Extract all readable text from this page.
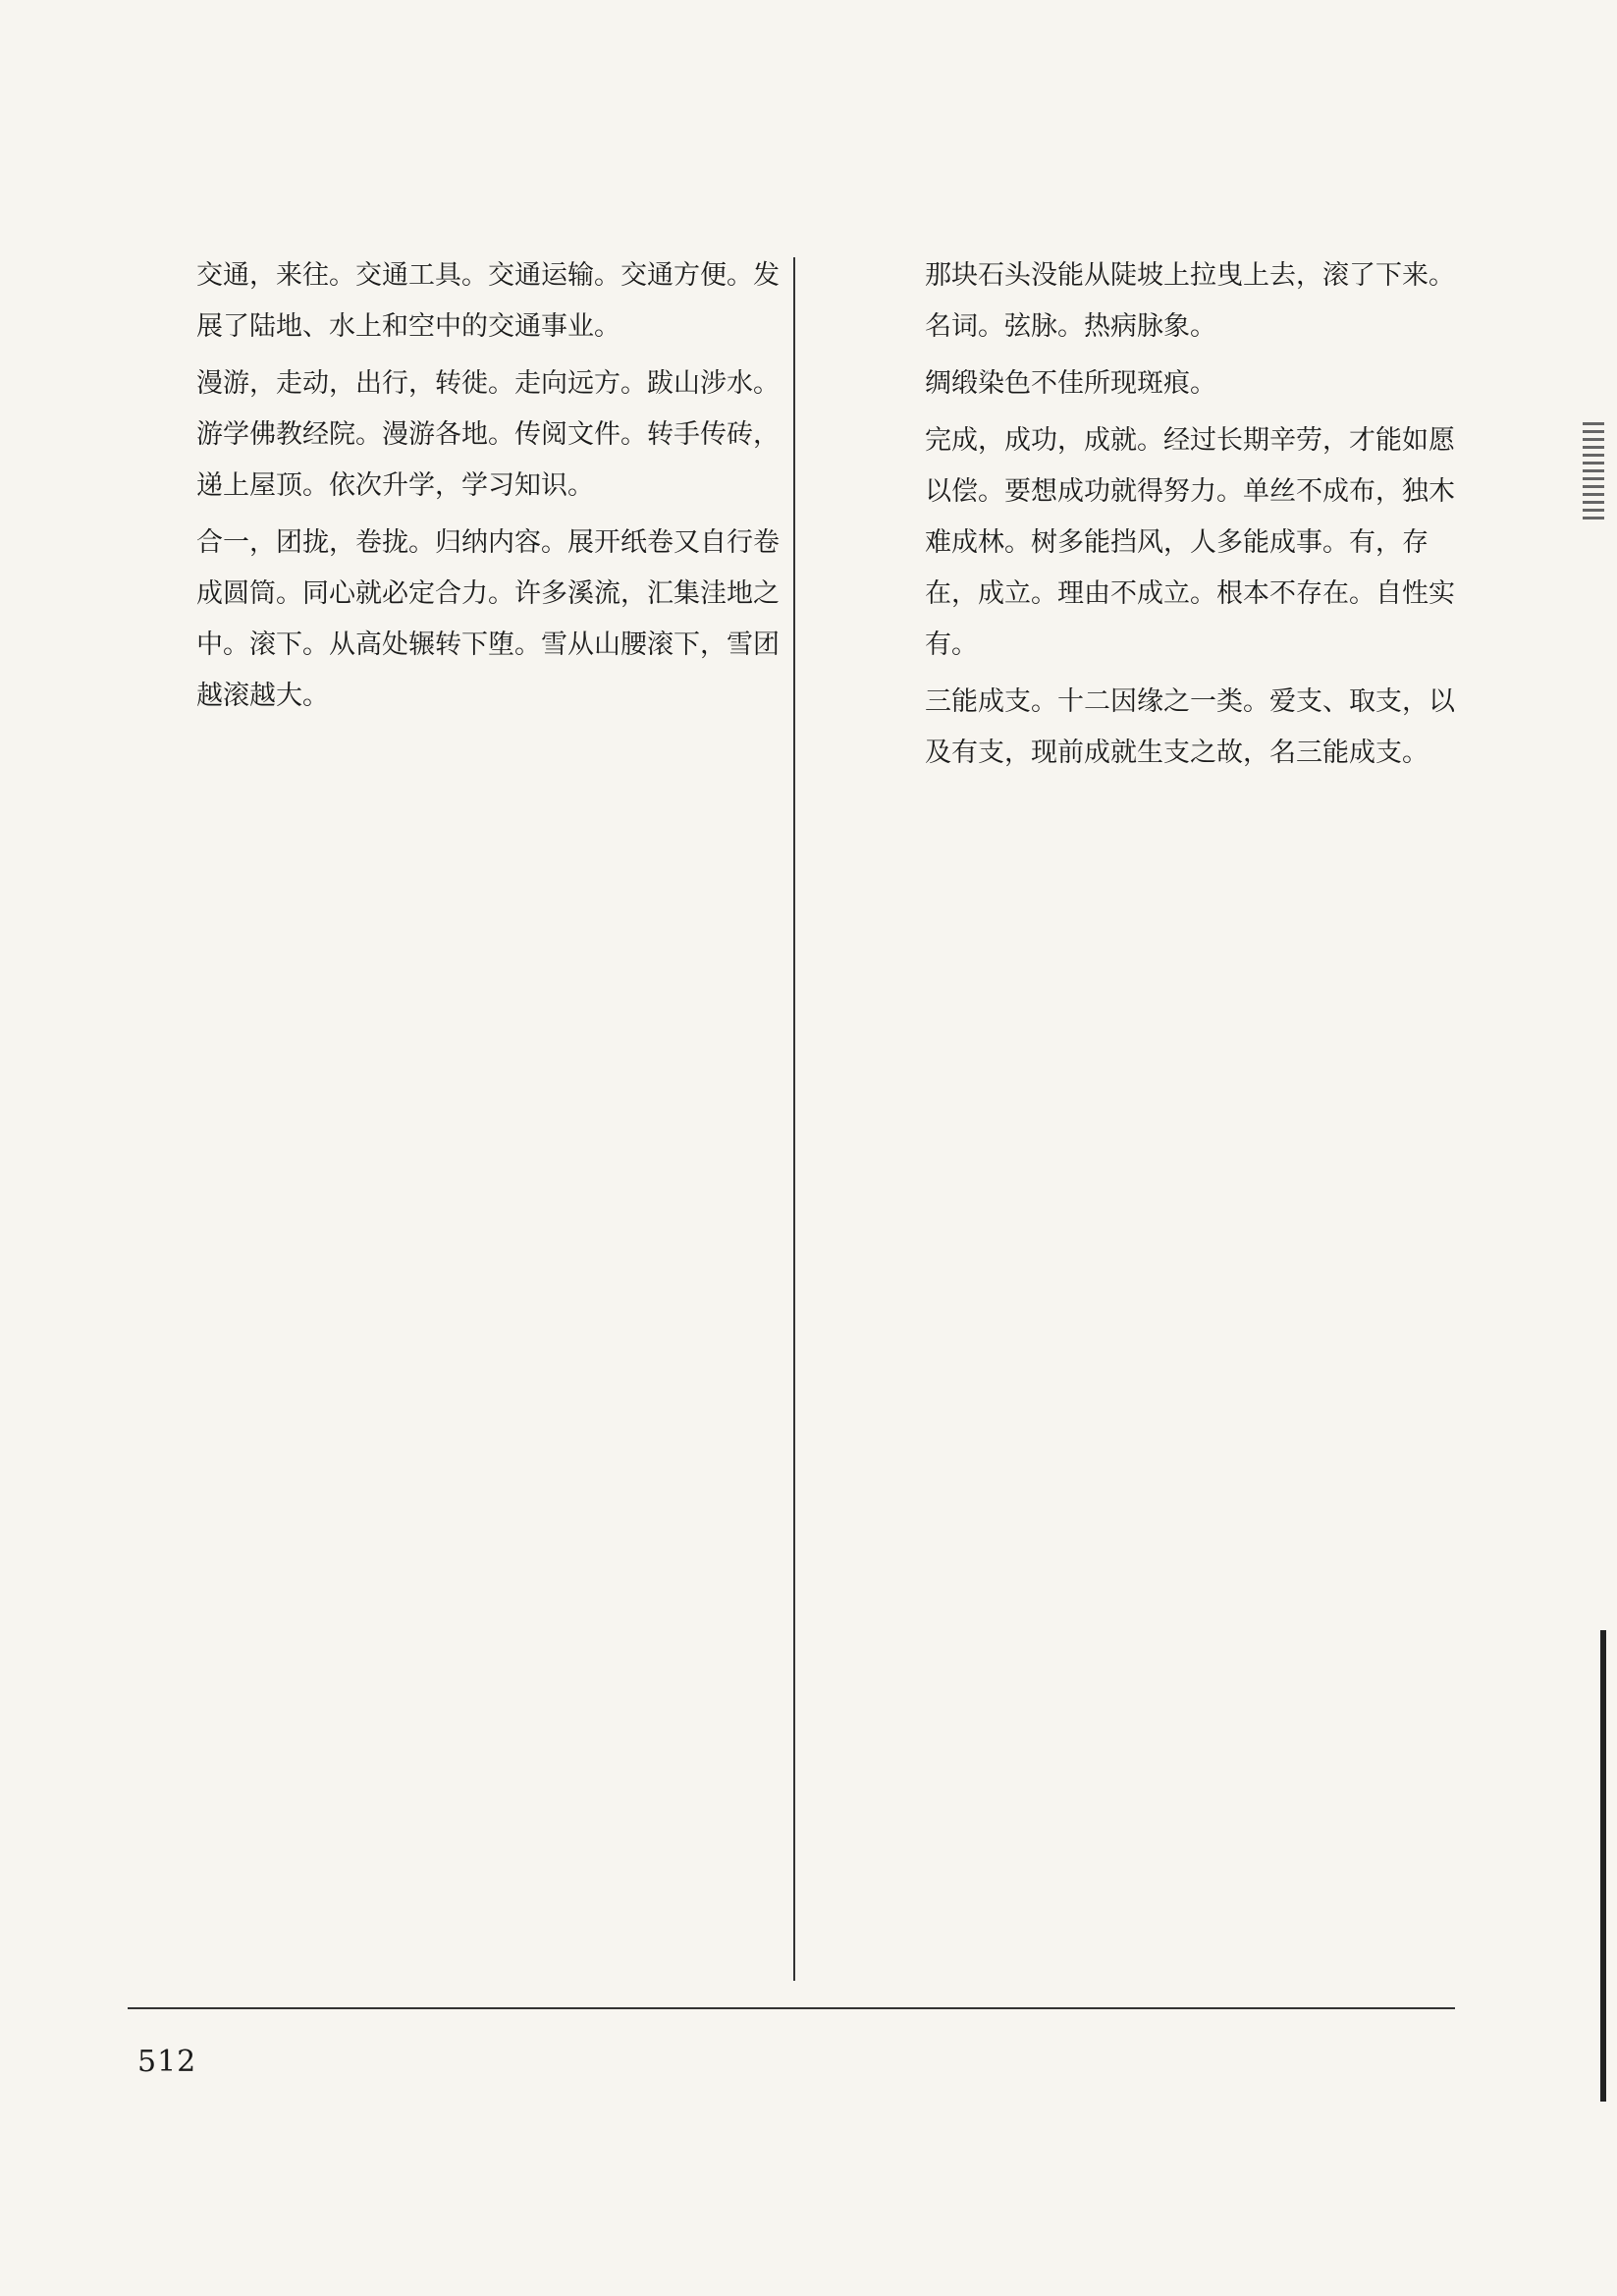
交通，来往。交通工具。交通运输。交通方便。发展了陆地、水上和空中的交通事业。
漫游，走动，出行，转徙。走向远方。跋山涉水。游学佛教经院。漫游各地。传阅文件。转手传砖，递上屋顶。依次升学，学习知识。
合一，团拢，卷拢。归纳内容。展开纸卷又自行卷成圆筒。同心就必定合力。许多溪流，汇集洼地之中。滚下。从高处辗转下堕。雪从山腰滚下，雪团越滚越大。
那块石头没能从陡坡上拉曳上去，滚了下来。名词。弦脉。热病脉象。
绸缎染色不佳所现斑痕。
完成，成功，成就。经过长期辛劳，才能如愿以偿。要想成功就得努力。单丝不成布，独木难成林。树多能挡风，人多能成事。有，存在，成立。理由不成立。根本不存在。自性实有。
三能成支。十二因缘之一类。爱支、取支，以及有支，现前成就生支之故，名三能成支。
512
